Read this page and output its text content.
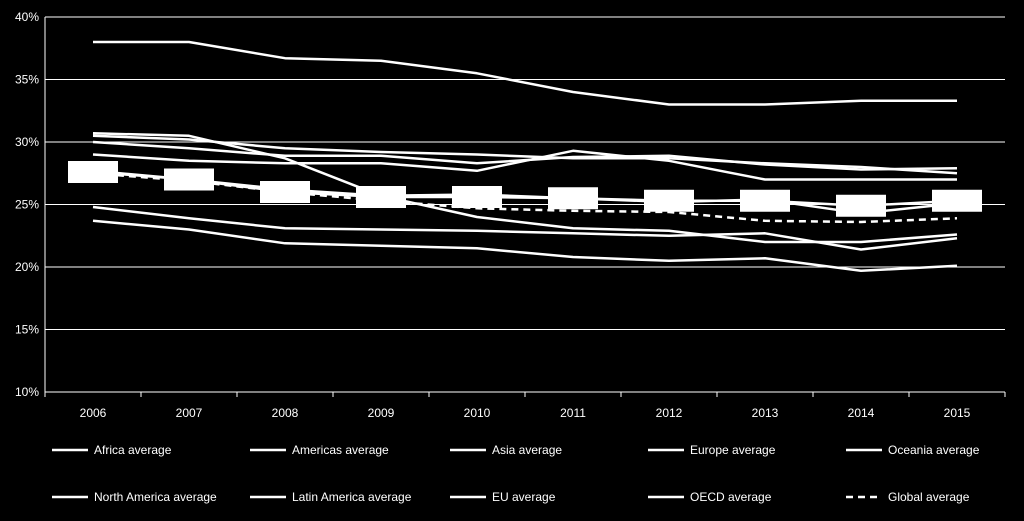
10%
15%
20%
25%
30%
35%
40%
2006	2007	2008	2009	2010	2011	2012	2013	2014	2015
Africa average	Americas average	Asia average	Europe average	Oceania average
North America average	Latin America average	EU average	OECD average	Global average
